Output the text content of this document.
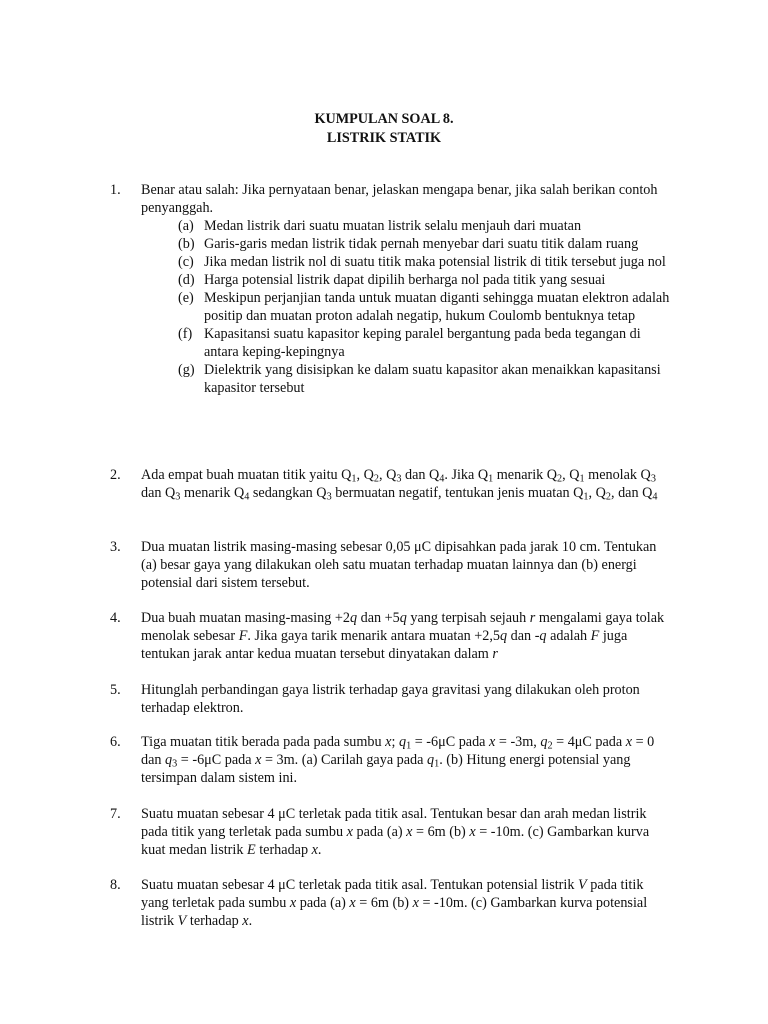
KUMPULAN SOAL 8.
LISTRIK STATIK
1. Benar atau salah: Jika pernyataan benar, jelaskan mengapa benar, jika salah berikan contoh penyanggah.
(a) Medan listrik dari suatu muatan listrik selalu menjauh dari muatan
(b) Garis-garis medan listrik tidak pernah menyebar dari suatu titik dalam ruang
(c) Jika medan listrik nol di suatu titik maka potensial listrik di titik tersebut juga nol
(d) Harga potensial listrik dapat dipilih berharga nol pada titik yang sesuai
(e) Meskipun perjanjian tanda untuk muatan diganti sehingga muatan elektron adalah positip dan muatan proton adalah negatip, hukum Coulomb bentuknya tetap
(f) Kapasitansi suatu kapasitor keping paralel bergantung pada beda tegangan di antara keping-kepingnya
(g) Dielektrik yang disisipkan ke dalam suatu kapasitor akan menaikkan kapasitansi kapasitor tersebut
2. Ada empat buah muatan titik yaitu $Q_1$, $Q_2$, $Q_3$ dan $Q_4$. Jika $Q_1$ menarik $Q_2$, $Q_1$ menolak $Q_3$ dan $Q_3$ menarik $Q_4$ sedangkan $Q_3$ bermuatan negatif, tentukan jenis muatan $Q_1$, $Q_2$, dan $Q_4$
3. Dua muatan listrik masing-masing sebesar 0,05 μC dipisahkan pada jarak 10 cm. Tentukan (a) besar gaya yang dilakukan oleh satu muatan terhadap muatan lainnya dan (b) energi potensial dari sistem tersebut.
4. Dua buah muatan masing-masing +2q dan +5q yang terpisah sejauh r mengalami gaya tolak menolak sebesar F. Jika gaya tarik menarik antara muatan +2,5q dan -q adalah F juga tentukan jarak antar kedua muatan tersebut dinyatakan dalam r
5. Hitunglah perbandingan gaya listrik terhadap gaya gravitasi yang dilakukan oleh proton terhadap elektron.
6. Tiga muatan titik berada pada pada sumbu x; $q_1 = -6\mu C$ pada x = -3m, $q_2 = 4\mu C$ pada x = 0 dan $q_3 = -6\mu C$ pada x = 3m. (a) Carilah gaya pada $q_1$. (b) Hitung energi potensial yang tersimpan dalam sistem ini.
7. Suatu muatan sebesar 4 μC terletak pada titik asal. Tentukan besar dan arah medan listrik pada titik yang terletak pada sumbu x pada (a) x = 6m (b) x = -10m. (c) Gambarkan kurva kuat medan listrik E terhadap x.
8. Suatu muatan sebesar 4 μC terletak pada titik asal. Tentukan potensial listrik V pada titik yang terletak pada sumbu x pada (a) x = 6m (b) x = -10m. (c) Gambarkan kurva potensial listrik V terhadap x.
